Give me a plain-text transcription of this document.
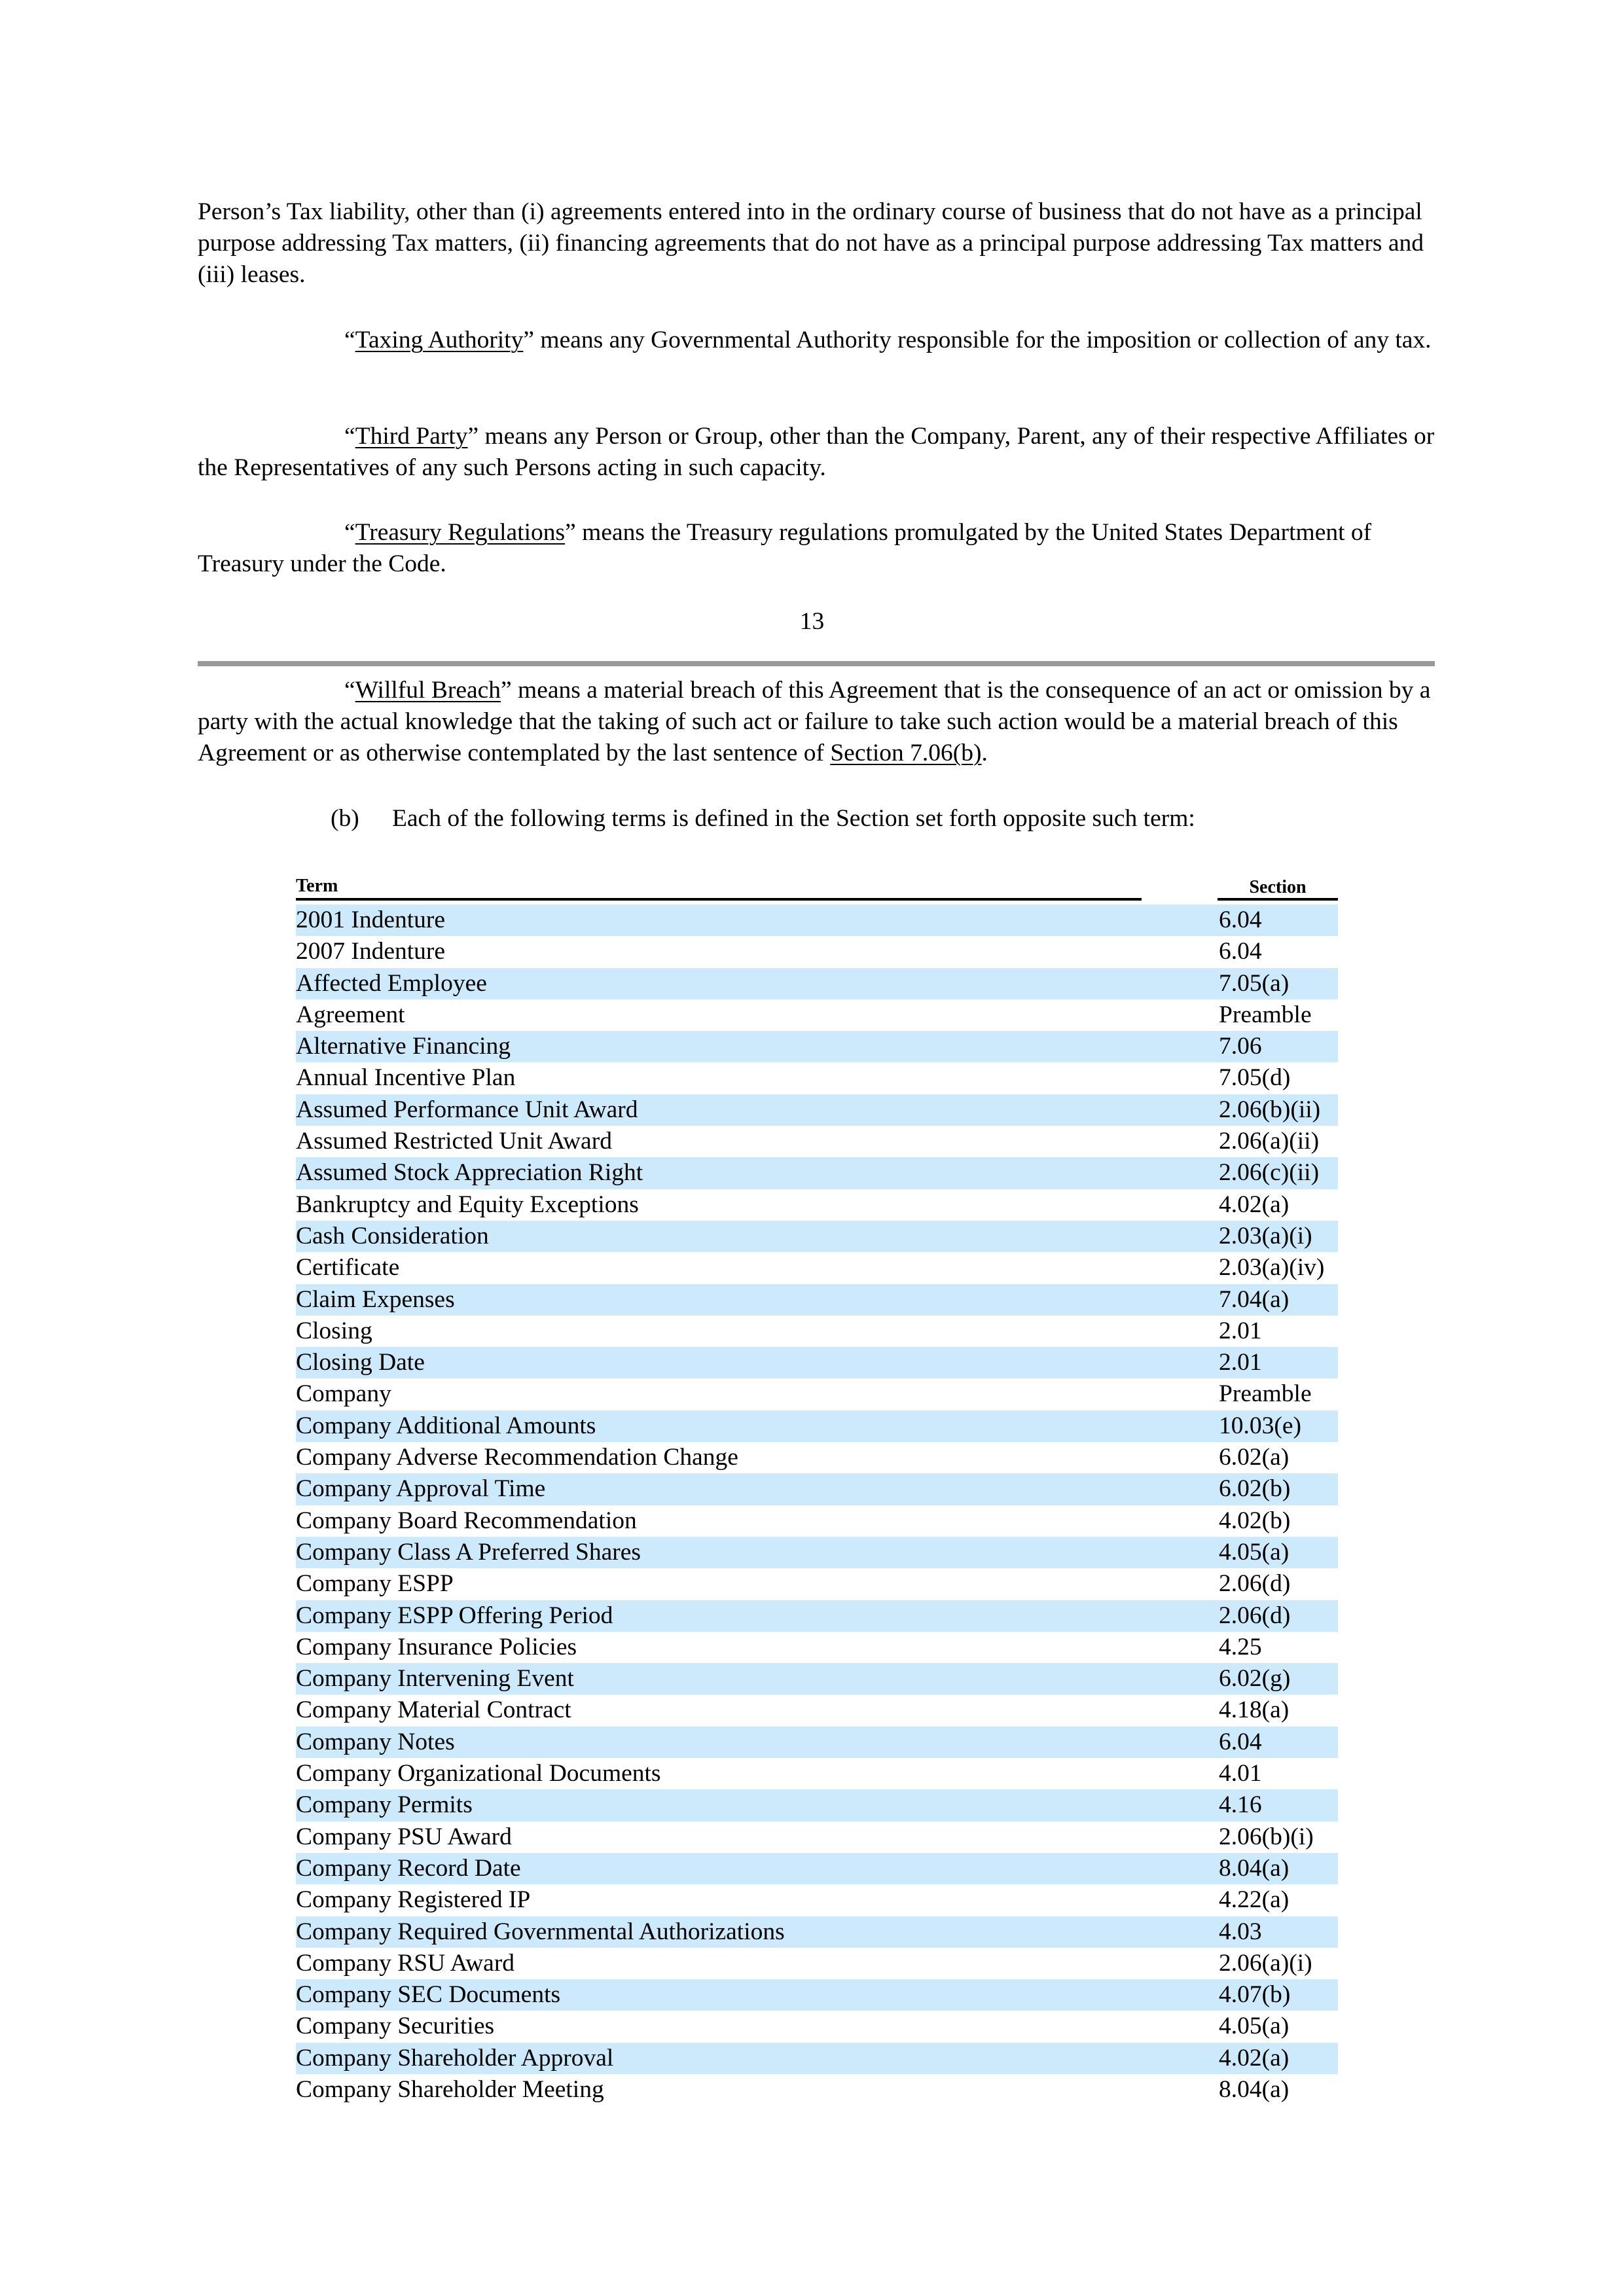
Person’s Tax liability, other than (i) agreements entered into in the ordinary course of business that do not have as a principal purpose addressing Tax matters, (ii) financing agreements that do not have as a principal purpose addressing Tax matters and (iii) leases.

“Taxing Authority” means any Governmental Authority responsible for the imposition or collection of any tax.

“Third Party” means any Person or Group, other than the Company, Parent, any of their respective Affiliates or the Representatives of any such Persons acting in such capacity.

“Treasury Regulations” means the Treasury regulations promulgated by the United States Department of Treasury under the Code.

13

“Willful Breach” means a material breach of this Agreement that is the consequence of an act or omission by a party with the actual knowledge that the taking of such act or failure to take such action would be a material breach of this Agreement or as otherwise contemplated by the last sentence of Section 7.06(b).

(b) Each of the following terms is defined in the Section set forth opposite such term:

Term	Section
2001 Indenture	6.04
2007 Indenture	6.04
Affected Employee	7.05(a)
Agreement	Preamble
Alternative Financing	7.06
Annual Incentive Plan	7.05(d)
Assumed Performance Unit Award	2.06(b)(ii)
Assumed Restricted Unit Award	2.06(a)(ii)
Assumed Stock Appreciation Right	2.06(c)(ii)
Bankruptcy and Equity Exceptions	4.02(a)
Cash Consideration	2.03(a)(i)
Certificate	2.03(a)(iv)
Claim Expenses	7.04(a)
Closing	2.01
Closing Date	2.01
Company	Preamble
Company Additional Amounts	10.03(e)
Company Adverse Recommendation Change	6.02(a)
Company Approval Time	6.02(b)
Company Board Recommendation	4.02(b)
Company Class A Preferred Shares	4.05(a)
Company ESPP	2.06(d)
Company ESPP Offering Period	2.06(d)
Company Insurance Policies	4.25
Company Intervening Event	6.02(g)
Company Material Contract	4.18(a)
Company Notes	6.04
Company Organizational Documents	4.01
Company Permits	4.16
Company PSU Award	2.06(b)(i)
Company Record Date	8.04(a)
Company Registered IP	4.22(a)
Company Required Governmental Authorizations	4.03
Company RSU Award	2.06(a)(i)
Company SEC Documents	4.07(b)
Company Securities	4.05(a)
Company Shareholder Approval	4.02(a)
Company Shareholder Meeting	8.04(a)
